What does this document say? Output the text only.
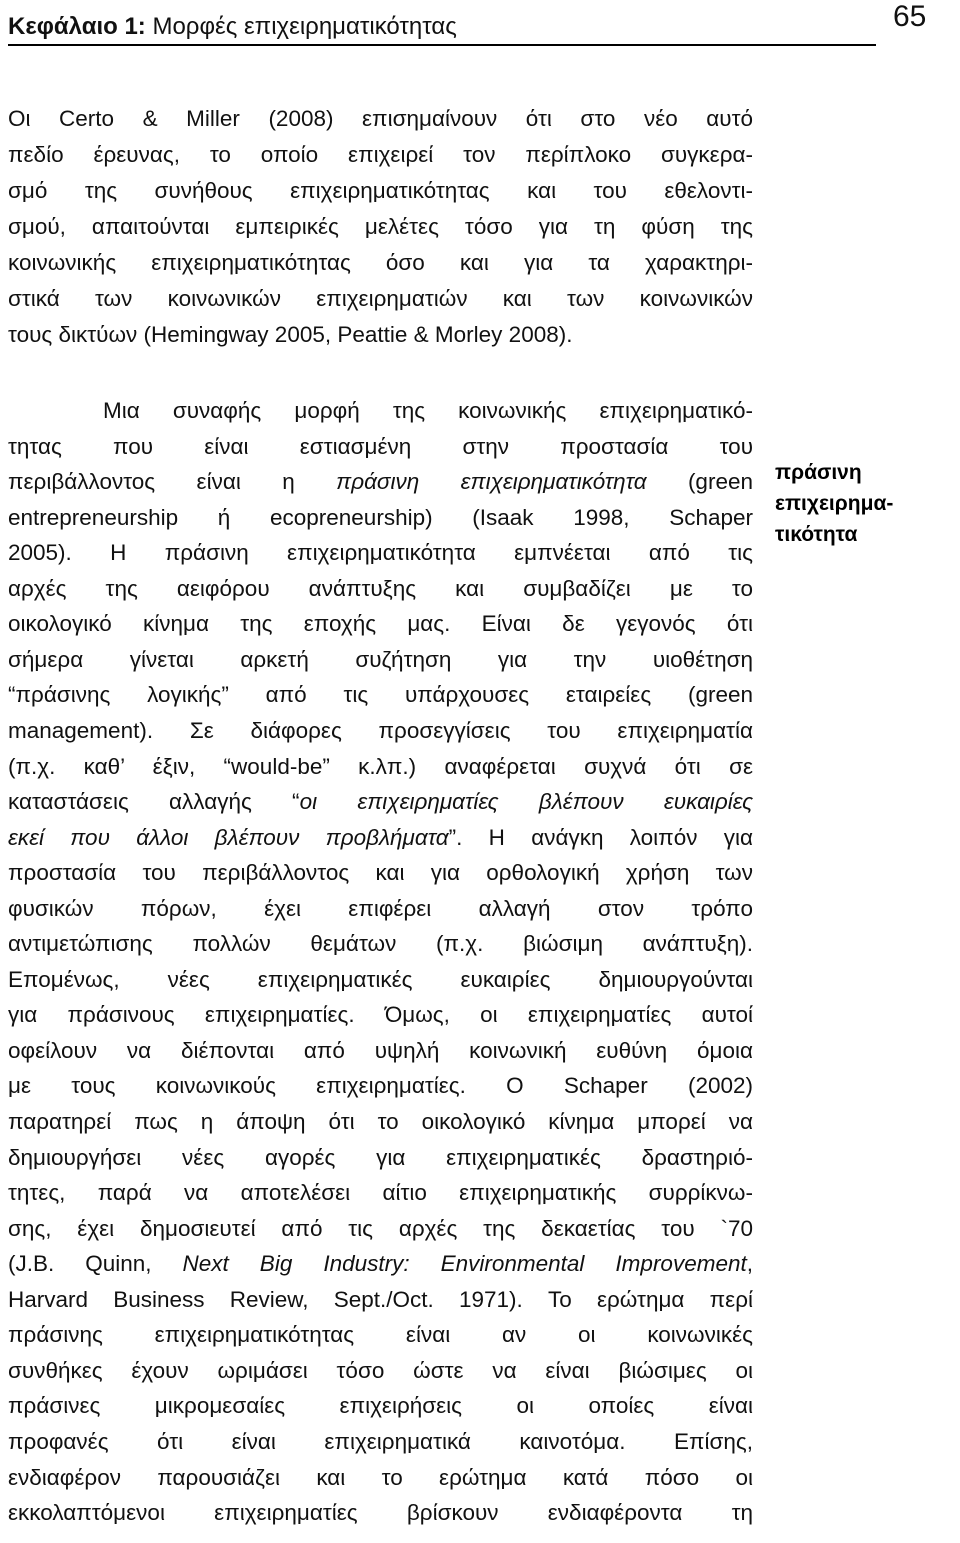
Κεφάλαιο 1: Μορφές επιχειρηματικότητας	65
Οι Certo & Miller (2008) επισημαίνουν ότι στο νέο αυτό
πεδίο έρευνας, το οποίο επιχειρεί τον περίπλοκο συγκερα-
σμό της συνήθους επιχειρηματικότητας και του εθελοντι-
σμού, απαιτούνται εμπειρικές μελέτες τόσο για τη φύση της
κοινωνικής επιχειρηματικότητας όσο και για τα χαρακτηρι-
στικά των κοινωνικών επιχειρηματιών και των κοινωνικών
τους δικτύων (Hemingway 2005, Peattie & Morley 2008).
Μια συναφής μορφή της κοινωνικής επιχειρηματικό-
τητας που είναι εστιασμένη στην προστασία του
περιβάλλοντος είναι η πράσινη επιχειρηματικότητα (green
entrepreneurship ή ecopreneurship) (Isaak 1998, Schaper
2005). Η πράσινη επιχειρηματικότητα εμπνέεται από τις
αρχές της αειφόρου ανάπτυξης και συμβαδίζει με το
οικολογικό κίνημα της εποχής μας. Είναι δε γεγονός ότι
σήμερα γίνεται αρκετή συζήτηση για την υιοθέτηση
“πράσινης λογικής” από τις υπάρχουσες εταιρείες (green
management). Σε διάφορες προσεγγίσεις του επιχειρηματία
(π.χ. καθ’ έξιν, “would-be” κ.λπ.) αναφέρεται συχνά ότι σε
καταστάσεις αλλαγής “οι επιχειρηματίες βλέπουν ευκαιρίες
εκεί που άλλοι βλέπουν προβλήματα”. Η ανάγκη λοιπόν για
προστασία του περιβάλλοντος και για ορθολογική χρήση των
φυσικών πόρων, έχει επιφέρει αλλαγή στον τρόπο
αντιμετώπισης πολλών θεμάτων (π.χ. βιώσιμη ανάπτυξη).
Επομένως, νέες επιχειρηματικές ευκαιρίες δημιουργούνται
για πράσινους επιχειρηματίες. Όμως, οι επιχειρηματίες αυτοί
οφείλουν να διέπονται από υψηλή κοινωνική ευθύνη όμοια
με τους κοινωνικούς επιχειρηματίες. Ο Schaper (2002)
παρατηρεί πως η άποψη ότι το οικολογικό κίνημα μπορεί να
δημιουργήσει νέες αγορές για επιχειρηματικές δραστηριό-
τητες, παρά να αποτελέσει αίτιο επιχειρηματικής συρρίκνω-
σης, έχει δημοσιευτεί από τις αρχές της δεκαετίας του `70
(J.B. Quinn, Next Big Industry: Environmental Improvement,
Harvard Business Review, Sept./Oct. 1971). Το ερώτημα περί
πράσινης επιχειρηματικότητας είναι αν οι κοινωνικές
συνθήκες έχουν ωριμάσει τόσο ώστε να είναι βιώσιμες οι
πράσινες μικρομεσαίες επιχειρήσεις οι οποίες είναι
προφανές ότι είναι επιχειρηματικά καινοτόμα. Επίσης,
ενδιαφέρον παρουσιάζει και το ερώτημα κατά πόσο οι
εκκολαπτόμενοι επιχειρηματίες βρίσκουν ενδιαφέροντα τη
πράσινη
επιχειρημα-
τικότητα
